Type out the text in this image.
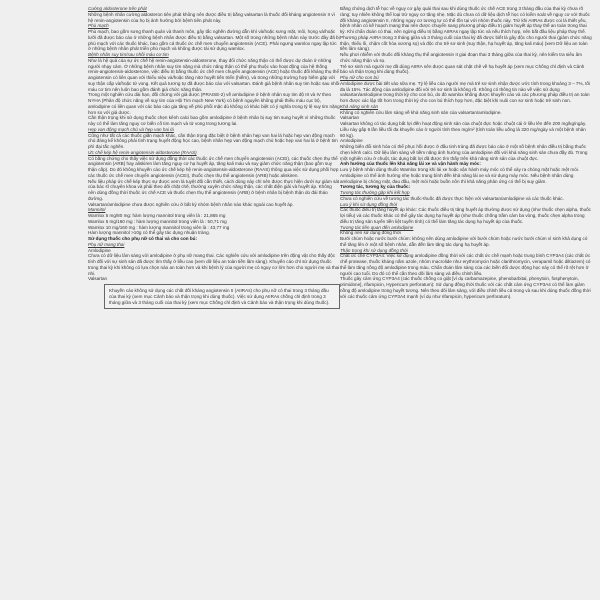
Cường aldosterone trên phát

Những bệnh nhân cường aldosteron tiên phát không nên được điều trị bằng valsartan là thuốc đối kháng angiotensin II vì hệ renin-angiotensin của họ bị ảnh hưởng bởi bệnh tiên phát này.

Phù mạch

Phù mạch, bao gồm sưng thanh quản và thanh môn, gây tắc nghẽn đường dẫn khí và/hoặc sưng mặt, môi, họng và/hoặc lưỡi đã được báo cáo ở những bệnh nhân được điều trị bằng valsartan. Một số trong những bệnh nhân này trước đây đã bị phù mạch với các thuốc khác, bao gồm cả thuốc ức chế men chuyển angiotensin (ACE). Phải ngưng wamlox ngay lập tức ở những bệnh nhân phát triển phù mạch và không được tái sử dụng wamlox.

Bệnh nhân suy tim/sau nhồi máu cơ tim

Như là hệ quả của sự ức chế hệ renin-angiotensin-aldosterone, thay đổi chức năng thận có thể được dự đoán ở những người nhạy cảm. Ở những bệnh nhân suy tim nặng mà chức năng thận có thể phụ thuộc vào hoạt động của hệ thống renin-angiotensin-aldosterone, việc điều trị bằng thuốc ức chế men chuyển angiotensin (ACE) hoặc thuốc đối kháng thụ thể angiotensin có liên quan với thiểu niệu và/hoặc tăng nitơ huyết tiến triển (hiếm), và trong những trường hợp hiếm gặp với suy thận cấp và/hoặc tử vong. Kết quả tương tự đã được báo cáo với valsartan. Đánh giá bệnh nhân suy tim hoặc sau nhồi máu cơ tim nên luôn bao gồm đánh giá chức năng thận.

Trong một nghiên cứu dài hạn, đối chứng với giả dược (PRAISE-2) về amlodipine ở bệnh nhân suy tim độ III và IV theo NYHA (Phân độ chức năng về suy tim của Hội Tim mạch New York) có bệnh nguyên không phải thiếu máu cục bộ, amlodipine có liên quan với các báo cáo gia tăng về phù phổi mặc dù không có khác biệt có ý nghĩa trong tỷ lệ suy tim nặng hơn so với giả dược.

Cần thận trọng khi sử dụng thuốc chẹn kênh calci bao gồm amlodipine ở bệnh nhân bị suy tim sung huyết vì những thuốc này có thể làm tăng nguy cơ biến cố tim mạch và tử vong trong tương lai.

Hẹp van động mạch chủ và hẹp van hai lá

Cũng như tất cả các thuốc giãn mạch khác, cần thận trọng đặc biệt ở bệnh nhân hẹp van hai lá hoặc hẹp van động mạch chủ đáng kể không phải tình trạng huyết động học cao, bệnh nhân hẹp van động mạch chủ hoặc hẹp van hai lá ở bệnh tim phì đại tắc nghẽn.

Ức chế kép hệ renin-angiotensin-aldosterone (RAAS)

Có bằng chứng cho thấy việc sử dụng đồng thời các thuốc ức chế men chuyển angiotensin (ACEI), các thuốc chẹn thụ thể angiotensin (ARB) hay aliskiren làm tăng nguy cơ hạ huyết áp, tăng kali máu và suy giảm chức năng thận (bao gồm suy thận cấp). Do đó không khuyến cáo ức chế kép hệ renin-angiotensin-aldosterone (RAAS) thông qua việc sử dụng phối hợp các thuốc ức chế men chuyển angiotensin (ACEI), thuốc chẹn thụ thể angiotensin (ARB) hoặc aliskiren.

Nếu liệu pháp ức chế kép thực sự được xem là tuyệt đối cần thiết, cách dùng này chỉ nên được thực hiện dưới sự giám sát của bác sĩ chuyên khoa và phải theo dõi chặt chẽ, thường xuyên chức năng thận, các chất điện giải và huyết áp. Không nên dùng đồng thời thuốc ức chế ACE và thuốc chẹn thụ thể angiotensin (ARB) ở bệnh nhân bị bệnh thận do đái tháo đường.

Valsartan/amlodipine chưa được nghiên cứu ở bất kỳ nhóm bệnh nhân nào khác ngoài cao huyết áp.

Mannitol

Wamlox 5 mg/80 mg: hàm lượng mannitol trong viên là : 21,865 mg

Wamlox 5 mg/160 mg : hàm lượng mannitol trong viên là : 50,71 mg

Wamlox 10 mg/160 mg : hàm lượng mannitol trong viên là : 43,77 mg

Hàm lượng mannitol >10g có thể gây tác dụng nhuận tràng.

Sử dụng thuốc cho phụ nữ có thai và cho con bú:

Phụ nữ mang thai

Amlodipine

Chưa có dữ liệu lâm sàng với amlodipine ở phụ nữ mang thai. Các nghiên cứu với amlodipine trên động vật cho thấy độc tính đối với sự sinh sản đã được tìm thấy ở liều cao (xem dữ liệu an toàn tiền lâm sàng). Khuyến cáo chỉ sử dụng thuốc trong thai kỳ khi không có lựa chọn nào an toàn hơn và khi bệnh lý của người mẹ có nguy cơ lớn hơn cho người mẹ và thai nhi.

Valsartan

Khuyến cáo không sử dụng các chất đối kháng angiotensin II (AIIRAs) cho phụ nữ có thai trong 3 tháng đầu của thai kỳ (xem mục Cảnh báo và thận trọng khi dùng thuốc). Việc sử dụng AIIRAs chống chỉ định trong 3 tháng giữa và 3 tháng cuối của thai kỳ (xem mục Chống chỉ định và Cảnh báo và thận trọng khi dùng thuốc).

Bằng chứng dịch tễ học về nguy cơ gây quái thai sau khi dùng thuốc ức chế ACE trong 3 tháng đầu của thai kỳ chưa rõ ràng; tuy nhiên không thể loại trừ nguy cơ tăng nhẹ. Mặc dù chưa có dữ liệu dịch tễ học có kiểm soát về nguy cơ với thuốc đối kháng angiotensin II, những nguy cơ tương tự có thể tồn tại với nhóm thuốc này. Trừ khi AIIRAs được coi là thiết yếu, bệnh nhân có kế hoạch mang thai nên được chuyển sang phương pháp điều trị giảm huyết áp thay thế an toàn trong thai kỳ. Khi chẩn đoán có thai, nên ngừng điều trị bằng AIIRAs ngay lập tức và nếu thích hợp, nên bắt đầu liệu pháp thay thế.

Phương pháp AIIRA trong 3 tháng giữa và 3 tháng cuối của thai kỳ đã được biết là gây độc cho người thai (giảm chức năng thận, thiểu ối, chậm cốt hóa xương sọ) và độc cho trẻ sơ sinh (suy thận, hạ huyết áp, tăng kali máu) (xem Dữ liệu an toàn tiền lâm sàng).

Nếu phơi nhiễm với thuốc đối kháng thụ thể angiotensin II giai đoạn thai 3 tháng giữa của thai kỳ, nên kiểm tra siêu âm chức năng thận và sọ.

Trẻ sơ sinh mà người mẹ đã dùng AIIRA nên được quan sát chặt chẽ về hạ huyết áp (xem mục Chống chỉ định và Cảnh báo và thận trọng khi dùng thuốc).

Phụ nữ cho con bú

Amlodipine được bài tiết vào sữa mẹ. Tỷ lệ liều của người mẹ mà trẻ sơ sinh nhận được ước tính trong khoảng 3 – 7%, tối đa là 15%. Tác động của amlodipine đối với trẻ sơ sinh là không rõ. Không có thông tin nào về việc sử dụng valsartan/amlodipine trong thời kỳ cho con bú, do đó wamlox không được khuyến cáo và các phương pháp điều trị an toàn hơn được xác lập tốt hơn trong thời kỳ cho con bú thích hợp hơn, đặc biệt khi nuôi con sơ sinh hoặc trẻ sinh non.

Khả năng sinh sản

Không có nghiên cứu lâm sàng về khả năng sinh sản của valsartan/amlodipine.

Valsartan

Valsartan không có tác dụng bất lợi đến hoạt động sinh sản của chuột đực hoặc chuột cái ở liều lên đến 200 mg/kg/ngày. Liều này gấp 6 lần liều tối đa khuyến cáo ở người tính theo mg/m² (tính toán liều uống là 320 mg/ngày và một bệnh nhân 60 kg).

Amlodipine

Những biến đổi sinh hóa có thể phục hồi được ở đầu tinh trùng đã được báo cáo ở một số bệnh nhân điều trị bằng thuốc chẹn kênh calci. Dữ liệu lâm sàng về tiềm năng ảnh hưởng của amlodipine đối với khả năng sinh sản chưa đầy đủ. Trong một nghiên cứu ở chuột, tác dụng bất lợi đã được tìm thấy trên khả năng sinh sản của chuột đực.

Ảnh hưởng của thuốc lên khả năng lái xe và vận hành máy móc:

Lưu ý bệnh nhân dùng thuốc Wamlox trong khi lái xe hoặc vận hành máy móc có thể xảy ra chóng mặt hoặc mệt mỏi.

Amlodipine có thể ảnh hưởng nhẹ hoặc trung bình đến khả năng lái xe và sử dụng máy móc. Nếu bệnh nhân dùng amlodipine bị chóng mặt, đau đầu, mệt mỏi hoặc buồn nôn thì khả năng phản ứng có thể bị suy giảm.

Tương tác, tương kỵ của thuốc:

Tương tác thường gặp khi kết hợp

Chưa có nghiên cứu về tương tác thuốc-thuốc đã được thực hiện với valsartan/amlodipine và các thuốc khác.

Lưu ý khi sử dụng đồng thời

Các thuốc điều trị tăng huyết áp khác: Các thuốc điều trị tăng huyết áp thường được sử dụng (như thuốc chẹn alpha, thuốc lợi tiểu) và các thuốc khác có thể gây tác dụng hạ huyết áp (như thuốc chống trầm cảm ba vòng, thuốc chẹn alpha trong điều trị tăng sản tuyến tiền liệt tuyến tính) có thể làm tăng tác dụng hạ huyết áp của thuốc.

Tương tác liên quan đến amlodipine

Không nên sử dụng đồng thời

Bưởi chùm hoặc nước bưởi chùm: không nên dùng amlodipine với bưởi chùm hoặc nước bưởi chùm vì sinh khả dụng có thể tăng lên ở một số bệnh nhân, dẫn đến làm tăng tác dụng hạ huyết áp.

Thận trọng khi sử dụng đồng thời

Chất ức chế CYP3A4: Việc sử dụng amlodipine đồng thời với các chất ức chế mạnh hoặc trung bình CYP3A4 (các chất ức chế protease, thuốc kháng nấm azole, nhóm macrolide như erythromycin hoặc clarithromycin, verapamil hoặc diltiazem) có thể làm tăng nồng độ amlodipine trong máu. Chẩn đoán lâm sàng của các biến đổi dược động học này có thể rõ rệt hơn ở người cao tuổi. Do đó có thể cần theo dõi lâm sàng và điều chỉnh liều.

Thuốc gây cảm ứng CYP3A4 (các thuốc chống co giật [ví dụ carbamazepine, phenobarbital, phenytoin, fosphenytoin, primidone], rifampicin, Hypericum perforatum): Sử dụng đồng thời thuốc với các chất cảm ứng CYP3A4 có thể làm giảm nồng độ amlodipine trong huyết tương. Nên theo dõi lâm sàng, với điều chỉnh liều cả trong và sau khi dùng thuốc đồng thời với các thuốc cảm ứng CYP3A4 mạnh (ví dụ như rifampicin, hypericum perforatum).
